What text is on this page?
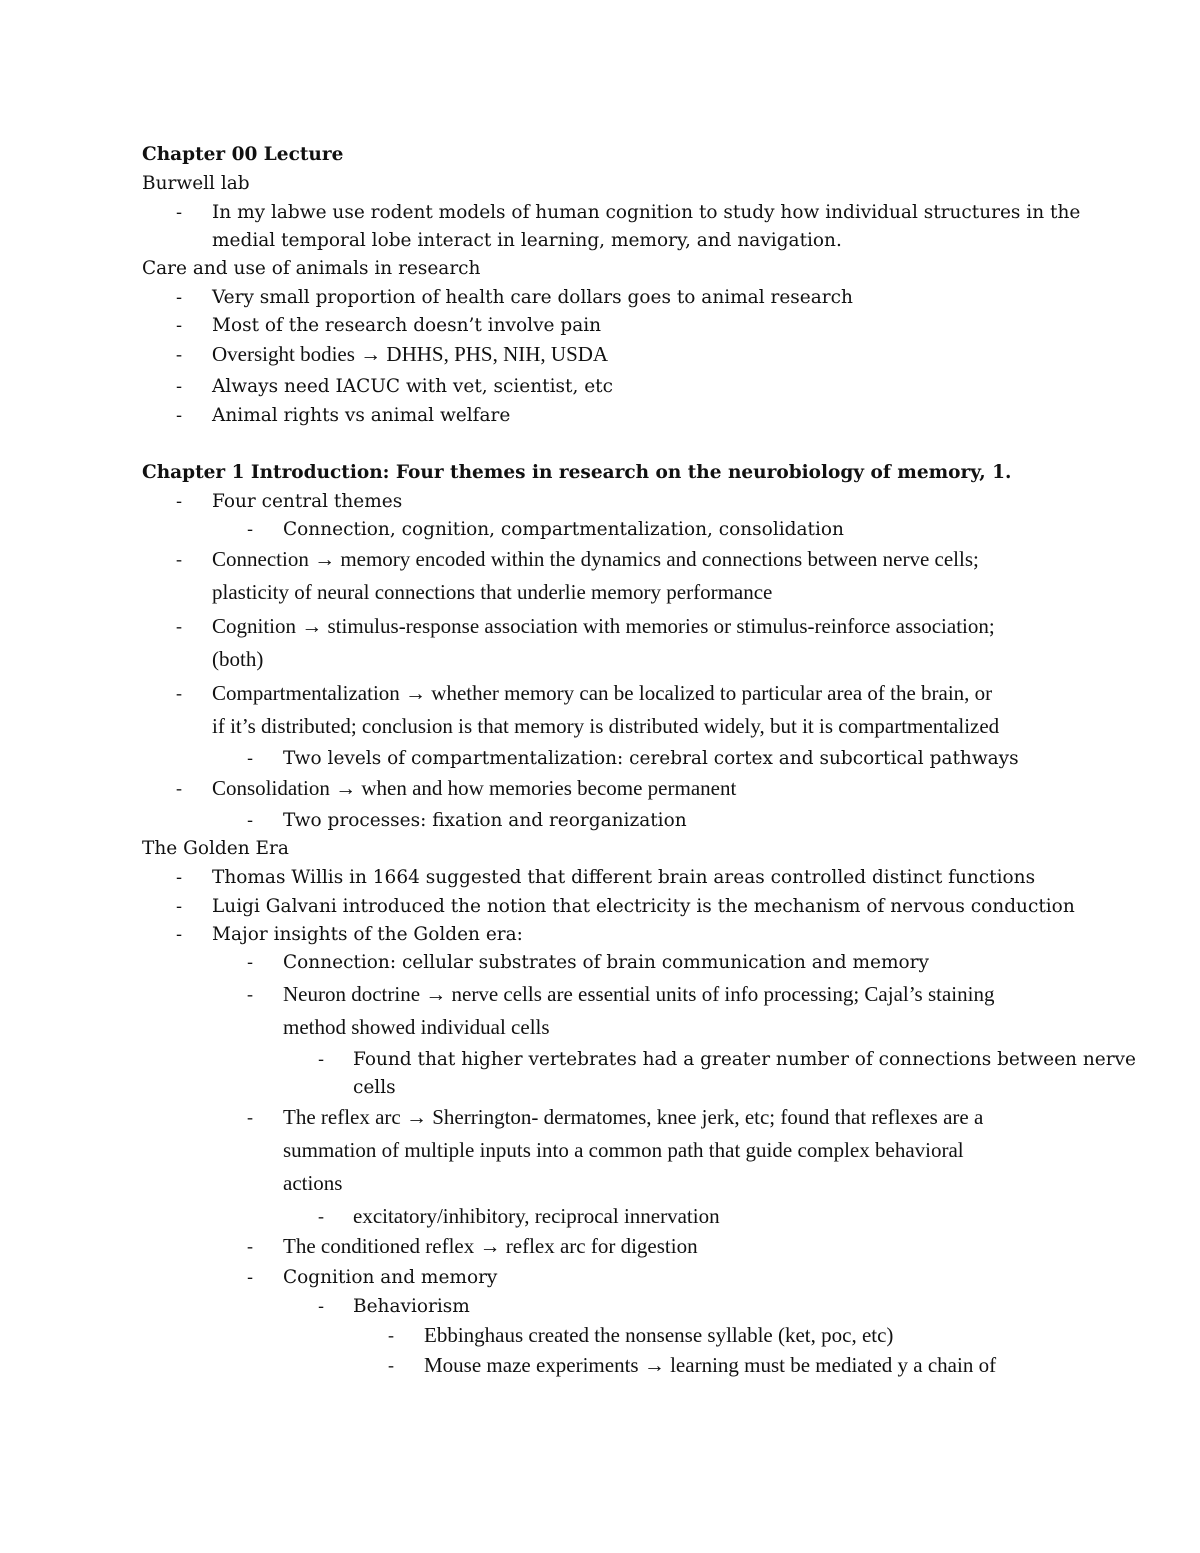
Chapter 00 Lecture
Burwell lab
- In my labwe use rodent models of human cognition to study how individual structures in the
medial temporal lobe interact in learning, memory, and navigation.
Care and use of animals in research
- Very small proportion of health care dollars goes to animal research
- Most of the research doesn’t involve pain
- Oversight bodies → DHHS, PHS, NIH, USDA
- Always need IACUC with vet, scientist, etc
- Animal rights vs animal welfare
Chapter 1 Introduction: Four themes in research on the neurobiology of memory, 1.
- Four central themes
- Connection, cognition, compartmentalization, consolidation
- Connection → memory encoded within the dynamics and connections between nerve cells;
plasticity of neural connections that underlie memory performance
- Cognition → stimulus-response association with memories or stimulus-reinforce association;
(both)
- Compartmentalization → whether memory can be localized to particular area of the brain, or
if it’s distributed; conclusion is that memory is distributed widely, but it is compartmentalized
- Two levels of compartmentalization: cerebral cortex and subcortical pathways
- Consolidation → when and how memories become permanent
- Two processes: fixation and reorganization
The Golden Era
- Thomas Willis in 1664 suggested that different brain areas controlled distinct functions
- Luigi Galvani introduced the notion that electricity is the mechanism of nervous conduction
- Major insights of the Golden era:
- Connection: cellular substrates of brain communication and memory
- Neuron doctrine → nerve cells are essential units of info processing; Cajal’s staining
method showed individual cells
- Found that higher vertebrates had a greater number of connections between nerve
cells
- The reflex arc → Sherrington- dermatomes, knee jerk, etc; found that reflexes are a
summation of multiple inputs into a common path that guide complex behavioral
actions
- excitatory/inhibitory, reciprocal innervation
- The conditioned reflex → reflex arc for digestion
- Cognition and memory
- Behaviorism
- Ebbinghaus created the nonsense syllable (ket, poc, etc)
- Mouse maze experiments → learning must be mediated y a chain of
